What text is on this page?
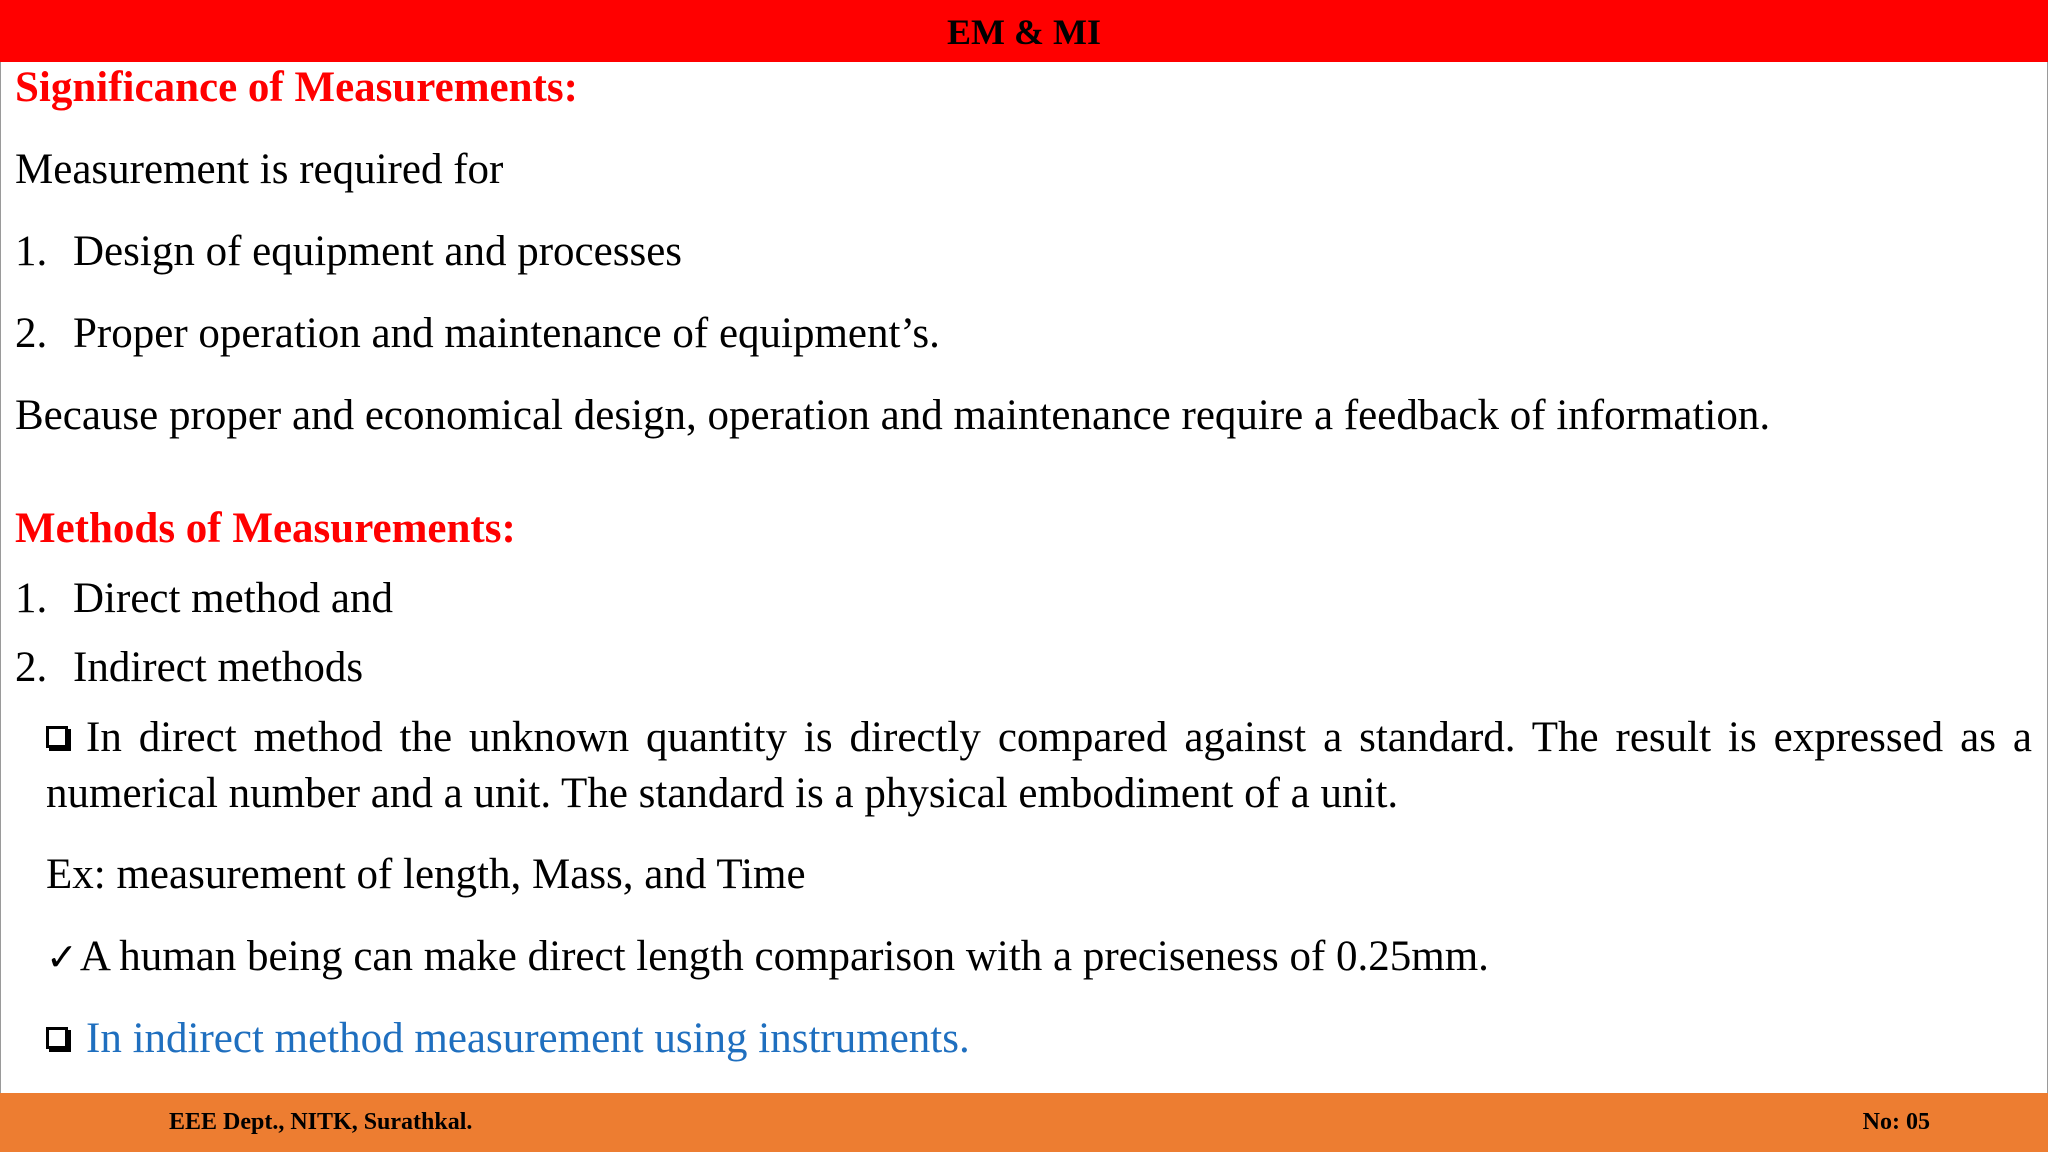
EM & MI
Significance of Measurements:
Measurement is required for
1. Design of equipment and processes
2. Proper operation and maintenance of equipment’s.
Because proper and economical design, operation and maintenance require a feedback of information.
Methods of Measurements:
1. Direct method and
2. Indirect methods

In direct method the unknown quantity is directly compared against a standard. The result is expressed as a numerical number and a unit. The standard is a physical embodiment of a unit.

Ex: measurement of length, Mass, and Time
✓A human being can make direct length comparison with a preciseness of 0.25mm.
In indirect method measurement using instruments.
EEE Dept., NITK, Surathkal.	No: 05
